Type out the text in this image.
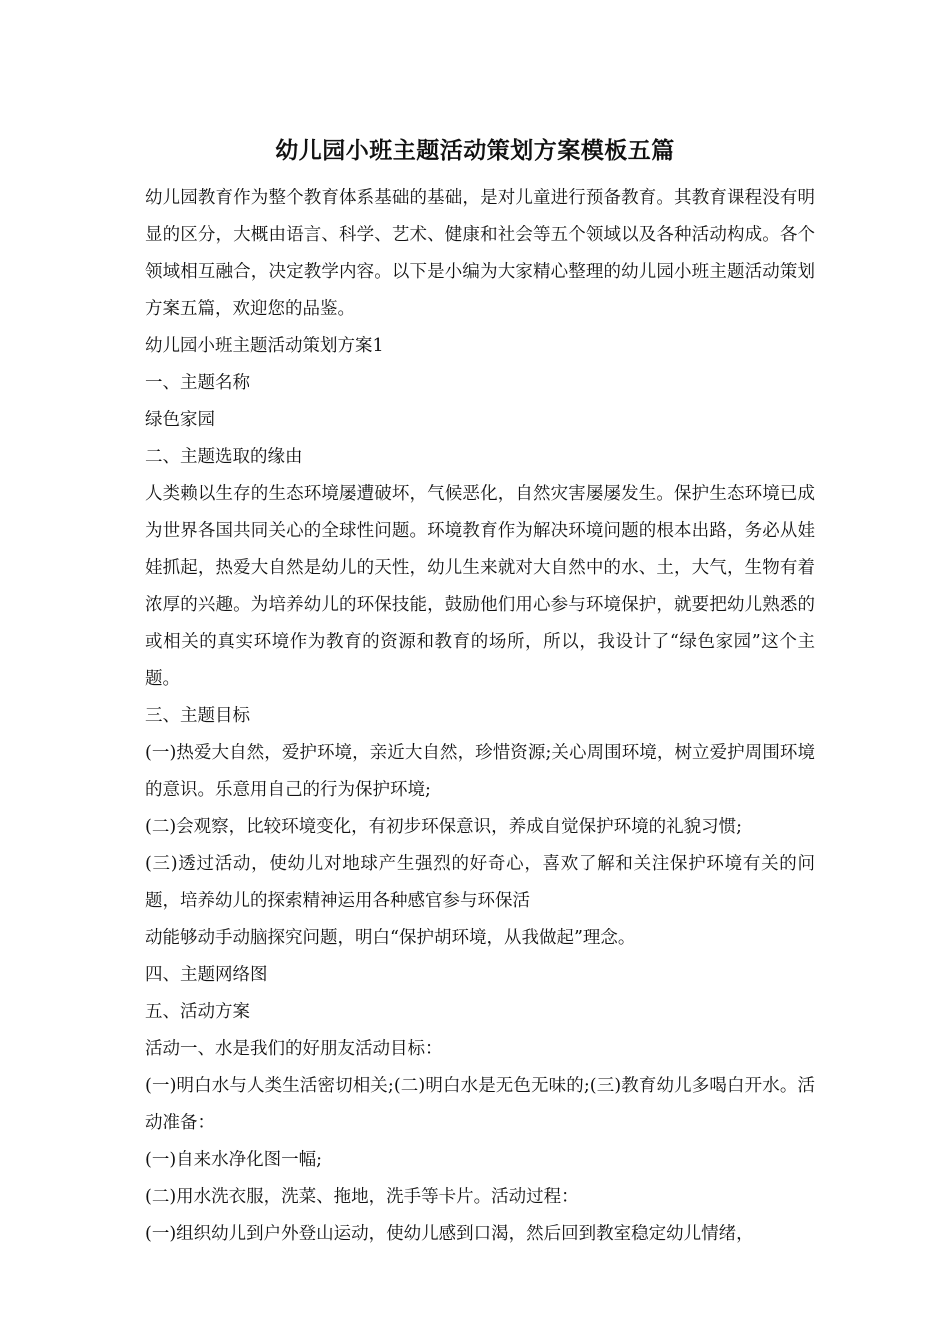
幼儿园小班主题活动策划方案模板五篇

幼儿园教育作为整个教育体系基础的基础，是对儿童进行预备教育。其教育课程没有明显的区分，大概由语言、科学、艺术、健康和社会等五个领域以及各种活动构成。各个领域相互融合，决定教学内容。以下是小编为大家精心整理的幼儿园小班主题活动策划方案五篇，欢迎您的品鉴。

幼儿园小班主题活动策划方案1

一、主题名称

绿色家园

二、主题选取的缘由

人类赖以生存的生态环境屡遭破坏，气候恶化，自然灾害屡屡发生。保护生态环境已成为世界各国共同关心的全球性问题。环境教育作为解决环境问题的根本出路，务必从娃娃抓起，热爱大自然是幼儿的天性，幼儿生来就对大自然中的水、土，大气，生物有着浓厚的兴趣。为培养幼儿的环保技能，鼓励他们用心参与环境保护，就要把幼儿熟悉的或相关的真实环境作为教育的资源和教育的场所，所以，我设计了“绿色家园”这个主题。

三、主题目标

(一)热爱大自然，爱护环境，亲近大自然，珍惜资源;关心周围环境，树立爱护周围环境的意识。乐意用自己的行为保护环境;

(二)会观察，比较环境变化，有初步环保意识，养成自觉保护环境的礼貌习惯;

(三)透过活动，使幼儿对地球产生强烈的好奇心，喜欢了解和关注保护环境有关的问题，培养幼儿的探索精神运用各种感官参与环保活

动能够动手动脑探究问题，明白“保护胡环境，从我做起”理念。

四、主题网络图

五、活动方案

活动一、水是我们的好朋友活动目标：

(一)明白水与人类生活密切相关;(二)明白水是无色无味的;(三)教育幼儿多喝白开水。活动准备：

(一)自来水净化图一幅;

(二)用水洗衣服，洗菜、拖地，洗手等卡片。活动过程：

(一)组织幼儿到户外登山运动，使幼儿感到口渴，然后回到教室稳定幼儿情绪，
